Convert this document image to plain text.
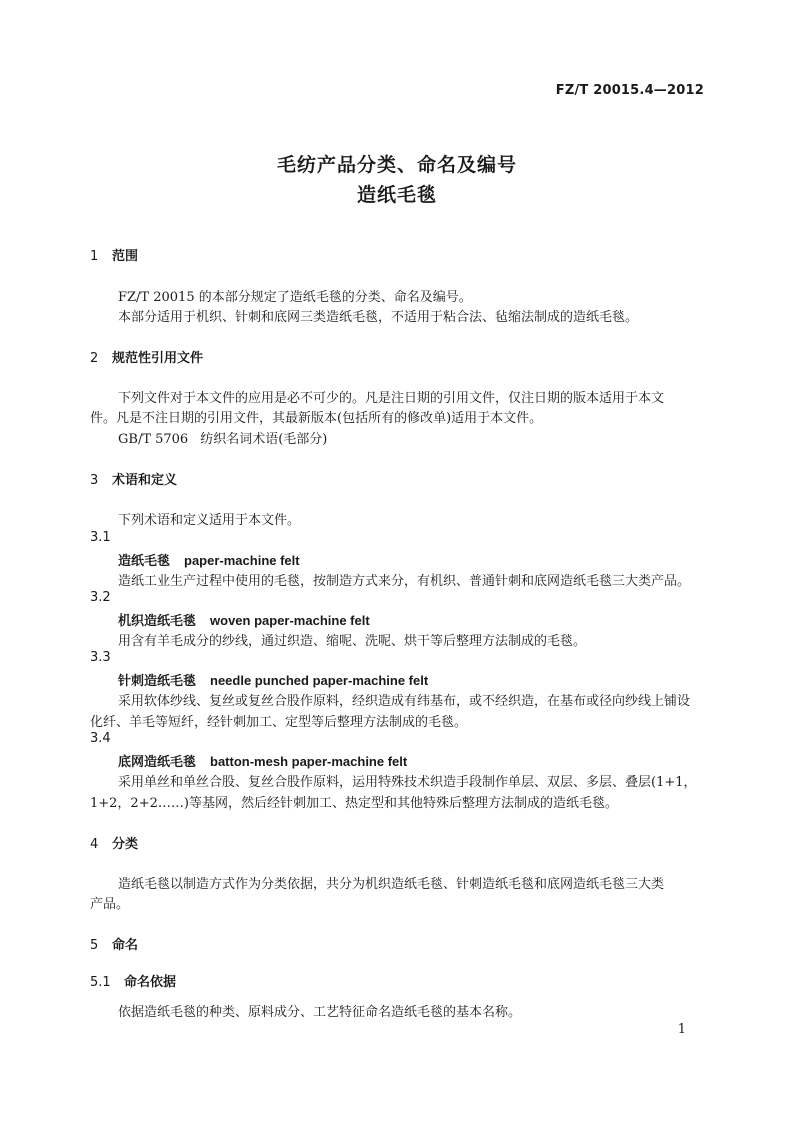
FZ/T 20015.4—2012
毛纺产品分类、命名及编号
造纸毛毯
1 范围
FZ/T 20015 的本部分规定了造纸毛毯的分类、命名及编号。
本部分适用于机织、针刺和底网三类造纸毛毯，不适用于粘合法、毡缩法制成的造纸毛毯。
2 规范性引用文件
下列文件对于本文件的应用是必不可少的。凡是注日期的引用文件，仅注日期的版本适用于本文
件。凡是不注日期的引用文件，其最新版本(包括所有的修改单)适用于本文件。
GB/T 5706 纺织名词术语(毛部分)
3 术语和定义
下列术语和定义适用于本文件。
3.1
造纸毛毯 paper-machine felt
造纸工业生产过程中使用的毛毯，按制造方式来分，有机织、普通针刺和底网造纸毛毯三大类产品。
3.2
机织造纸毛毯 woven paper-machine felt
用含有羊毛成分的纱线，通过织造、缩呢、洗呢、烘干等后整理方法制成的毛毯。
3.3
针刺造纸毛毯 needle punched paper-machine felt
采用软体纱线、复丝或复丝合股作原料，经织造成有纬基布，或不经织造，在基布或径向纱线上铺设
化纤、羊毛等短纤，经针刺加工、定型等后整理方法制成的毛毯。
3.4
底网造纸毛毯 batton-mesh paper-machine felt
采用单丝和单丝合股、复丝合股作原料，运用特殊技术织造手段制作单层、双层、多层、叠层(1+1，
1+2，2+2……)等基网，然后经针刺加工、热定型和其他特殊后整理方法制成的造纸毛毯。
4 分类
造纸毛毯以制造方式作为分类依据，共分为机织造纸毛毯、针刺造纸毛毯和底网造纸毛毯三大类
产品。
5 命名
5.1 命名依据
依据造纸毛毯的种类、原料成分、工艺特征命名造纸毛毯的基本名称。
1
